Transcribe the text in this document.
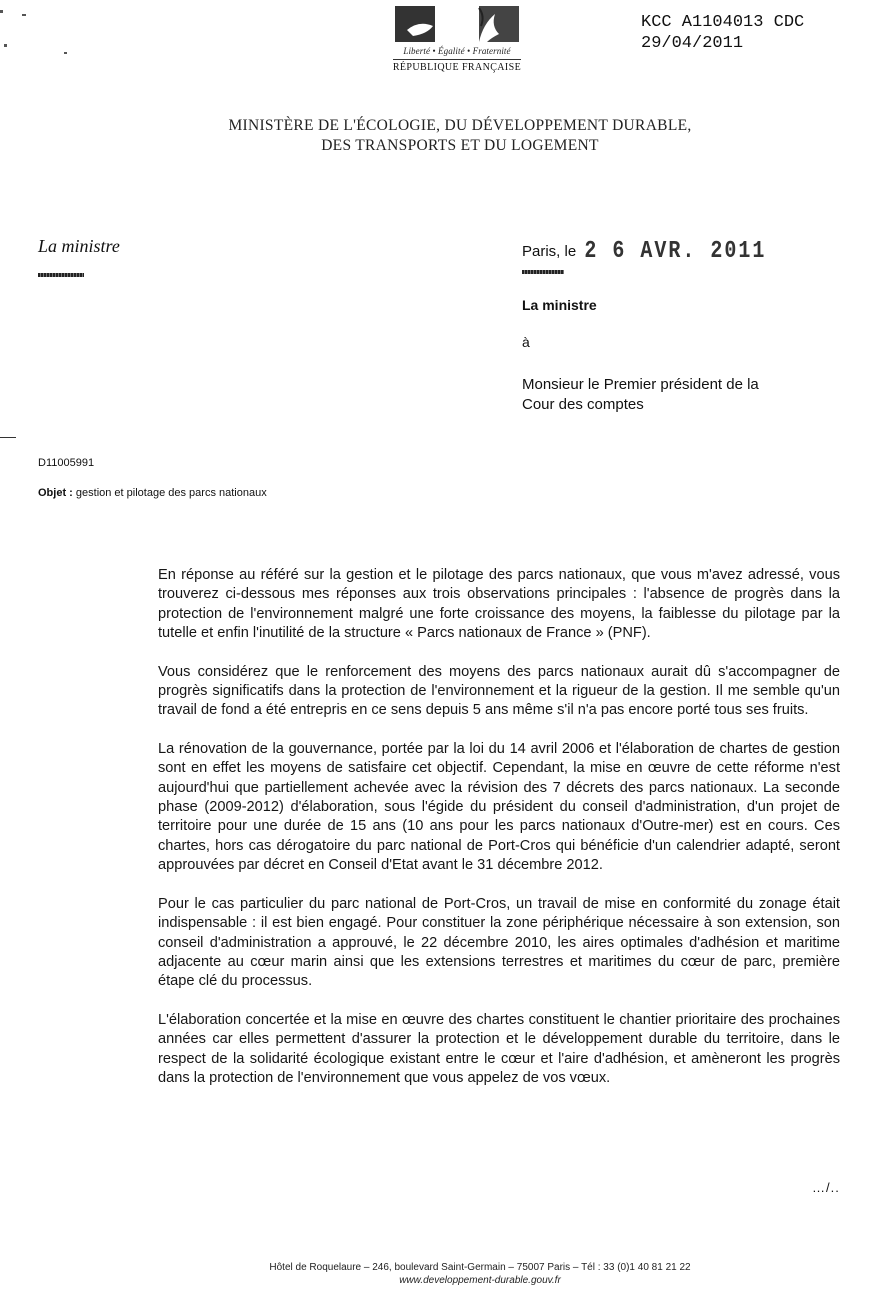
Liberté • Égalité • Fraternité
RÉPUBLIQUE FRANÇAISE
KCC A1104013 CDC
29/04/2011
MINISTÈRE DE L'ÉCOLOGIE, DU DÉVELOPPEMENT DURABLE,
DES TRANSPORTS ET DU LOGEMENT
La ministre	Paris, le 2 6 AVR. 2011
La ministre
à
Monsieur le Premier président de la
Cour des comptes
D11005991
Objet : gestion et pilotage des parcs nationaux

En réponse au référé sur la gestion et le pilotage des parcs nationaux, que vous m'avez adressé, vous trouverez ci-dessous mes réponses aux trois observations principales : l'absence de progrès dans la protection de l'environnement malgré une forte croissance des moyens, la faiblesse du pilotage par la tutelle et enfin l'inutilité de la structure « Parcs nationaux de France » (PNF).

Vous considérez que le renforcement des moyens des parcs nationaux aurait dû s'accompagner de progrès significatifs dans la protection de l'environnement et la rigueur de la gestion. Il me semble qu'un travail de fond a été entrepris en ce sens depuis 5 ans même s'il n'a pas encore porté tous ses fruits.

La rénovation de la gouvernance, portée par la loi du 14 avril 2006 et l'élaboration de chartes de gestion sont en effet les moyens de satisfaire cet objectif. Cependant, la mise en œuvre de cette réforme n'est aujourd'hui que partiellement achevée avec la révision des 7 décrets des parcs nationaux. La seconde phase (2009-2012) d'élaboration, sous l'égide du président du conseil d'administration, d'un projet de territoire pour une durée de 15 ans (10 ans pour les parcs nationaux d'Outre-mer) est en cours. Ces chartes, hors cas dérogatoire du parc national de Port-Cros qui bénéficie d'un calendrier adapté, seront approuvées par décret en Conseil d'Etat avant le 31 décembre 2012.

Pour le cas particulier du parc national de Port-Cros, un travail de mise en conformité du zonage était indispensable : il est bien engagé. Pour constituer la zone périphérique nécessaire à son extension, son conseil d'administration a approuvé, le 22 décembre 2010, les aires optimales d'adhésion et maritime adjacente au cœur marin ainsi que les extensions terrestres et maritimes du cœur de parc, première étape clé du processus.

L'élaboration concertée et la mise en œuvre des chartes constituent le chantier prioritaire des prochaines années car elles permettent d'assurer la protection et le développement durable du territoire, dans le respect de la solidarité écologique existant entre le cœur et l'aire d'adhésion, et amèneront les progrès dans la protection de l'environnement que vous appelez de vos vœux.

…/..
Hôtel de Roquelaure – 246, boulevard Saint-Germain – 75007 Paris – Tél : 33 (0)1 40 81 21 22
www.developpement-durable.gouv.fr
